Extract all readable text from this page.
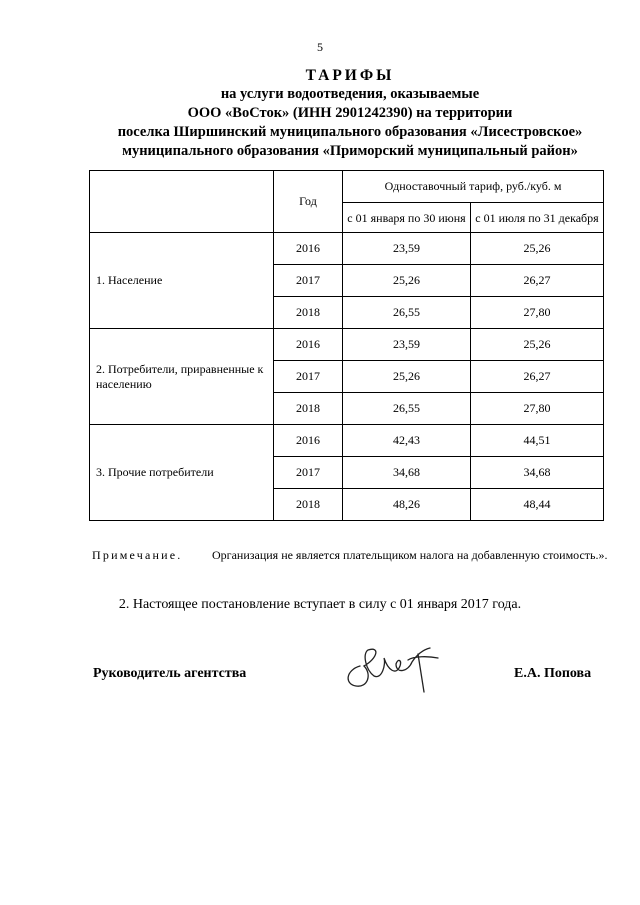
5
ТАРИФЫ
на услуги водоотведения, оказываемые
ООО «ВоСток» (ИНН 2901242390) на территории
поселка Ширшинский муниципального образования «Лисестровское»
муниципального образования «Приморский муниципальный район»
	Год	Одноставочный тариф, руб./куб. м	
		с 01 января по 30 июня	с 01 июля по 31 декабря
1. Население	2016	23,59	25,26
	2017	25,26	26,27
	2018	26,55	27,80
2. Потребители, приравненные к населению	2016	23,59	25,26
	2017	25,26	26,27
	2018	26,55	27,80
3. Прочие потребители	2016	42,43	44,51
	2017	34,68	34,68
	2018	48,26	48,44
Примечание. Организация не является плательщиком налога на добавленную стоимость.».
2. Настоящее постановление вступает в силу с 01 января 2017 года.
Руководитель агентства	Е.А. Попова
